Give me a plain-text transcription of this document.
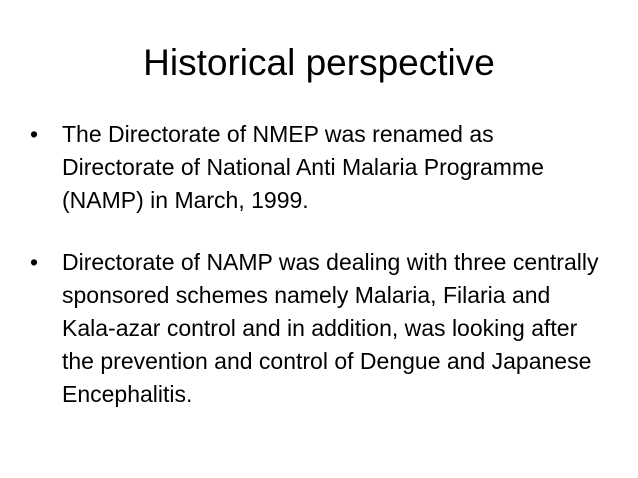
Historical perspective
• The Directorate of NMEP was renamed as Directorate of National Anti Malaria Programme (NAMP) in March, 1999.
• Directorate of NAMP was dealing with three centrally sponsored schemes namely Malaria, Filaria and Kala-azar control and in addition, was looking after the prevention and control of Dengue and Japanese Encephalitis.
